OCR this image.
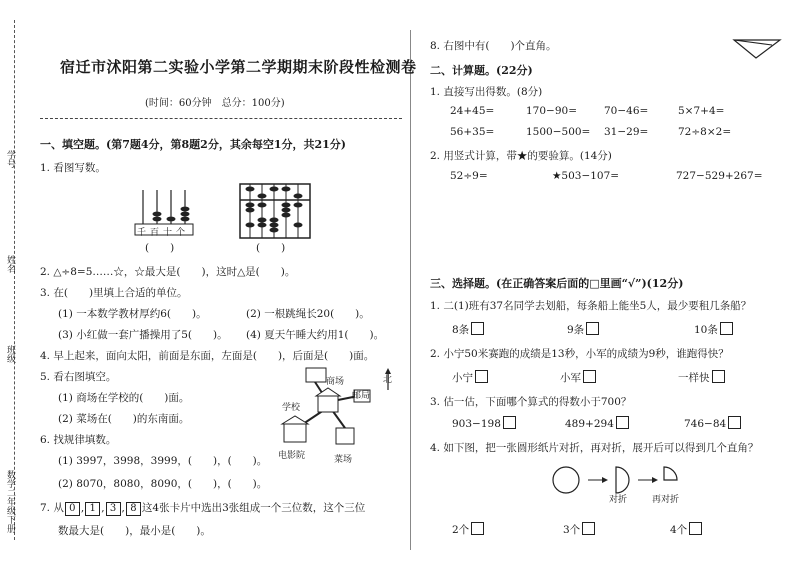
学号
姓名
班级
数学二年级下册
宿迁市沭阳第二实验小学第二学期期末阶段性检测卷
(时间：60分钟　总分：100分)
一、填空题。(第7题4分，第8题2分，其余每空1分，共21分)
1. 看图写数。
千百十个
(　　)	(　　)
2. △÷8=5……☆，☆最大是(　　)，这时△是(　　)。
3. 在(　　)里填上合适的单位。
(1) 一本数学教材厚约6(　　)。	(2) 一根跳绳长20(　　)。
(3) 小红做一套广播操用了5(　　)。 (4) 夏天午睡大约用1(　　)。
4. 早上起来，面向太阳，前面是东面，左面是(　　)，后面是(　　)面。
5. 看右图填空。
(1) 商场在学校的(　　)面。
(2) 菜场在(　　)的东南面。
商场
学校
邮局
电影院	菜场
北
6. 找规律填数。
(1) 3997，3998，3999，(　　)，(　　)。
(2) 8070，8080，8090，(　　)，(　　)。
7. 从 0 , 1 , 3 , 8 这4张卡片中选出3张组成一个三位数，这个三位
数最大是(　　)，最小是(　　)。
8. 右图中有(　　)个直角。
二、计算题。(22分)
1. 直接写出得数。(8分)
24+45=	170−90=	70−46=	5×7+4=
56+35=	1500−500= 31−29=	72÷8×2=
2. 用竖式计算，带★的要验算。(14分)
52÷9=	★503−107=	727−529+267=
三、选择题。(在正确答案后面的□里画“√”)(12分)
1. 二(1)班有37名同学去划船，每条船上能坐5人，最少要租几条船？
8条	9条	10条
2. 小宁50米赛跑的成绩是13秒，小军的成绩为9秒，谁跑得快？
小宁	小军	一样快
3. 估一估，下面哪个算式的得数小于700？
903−198	489+294	746−84
4. 如下图，把一张圆形纸片对折，再对折，展开后可以得到几个直角？
对折	再对折
2个	3个	4个
